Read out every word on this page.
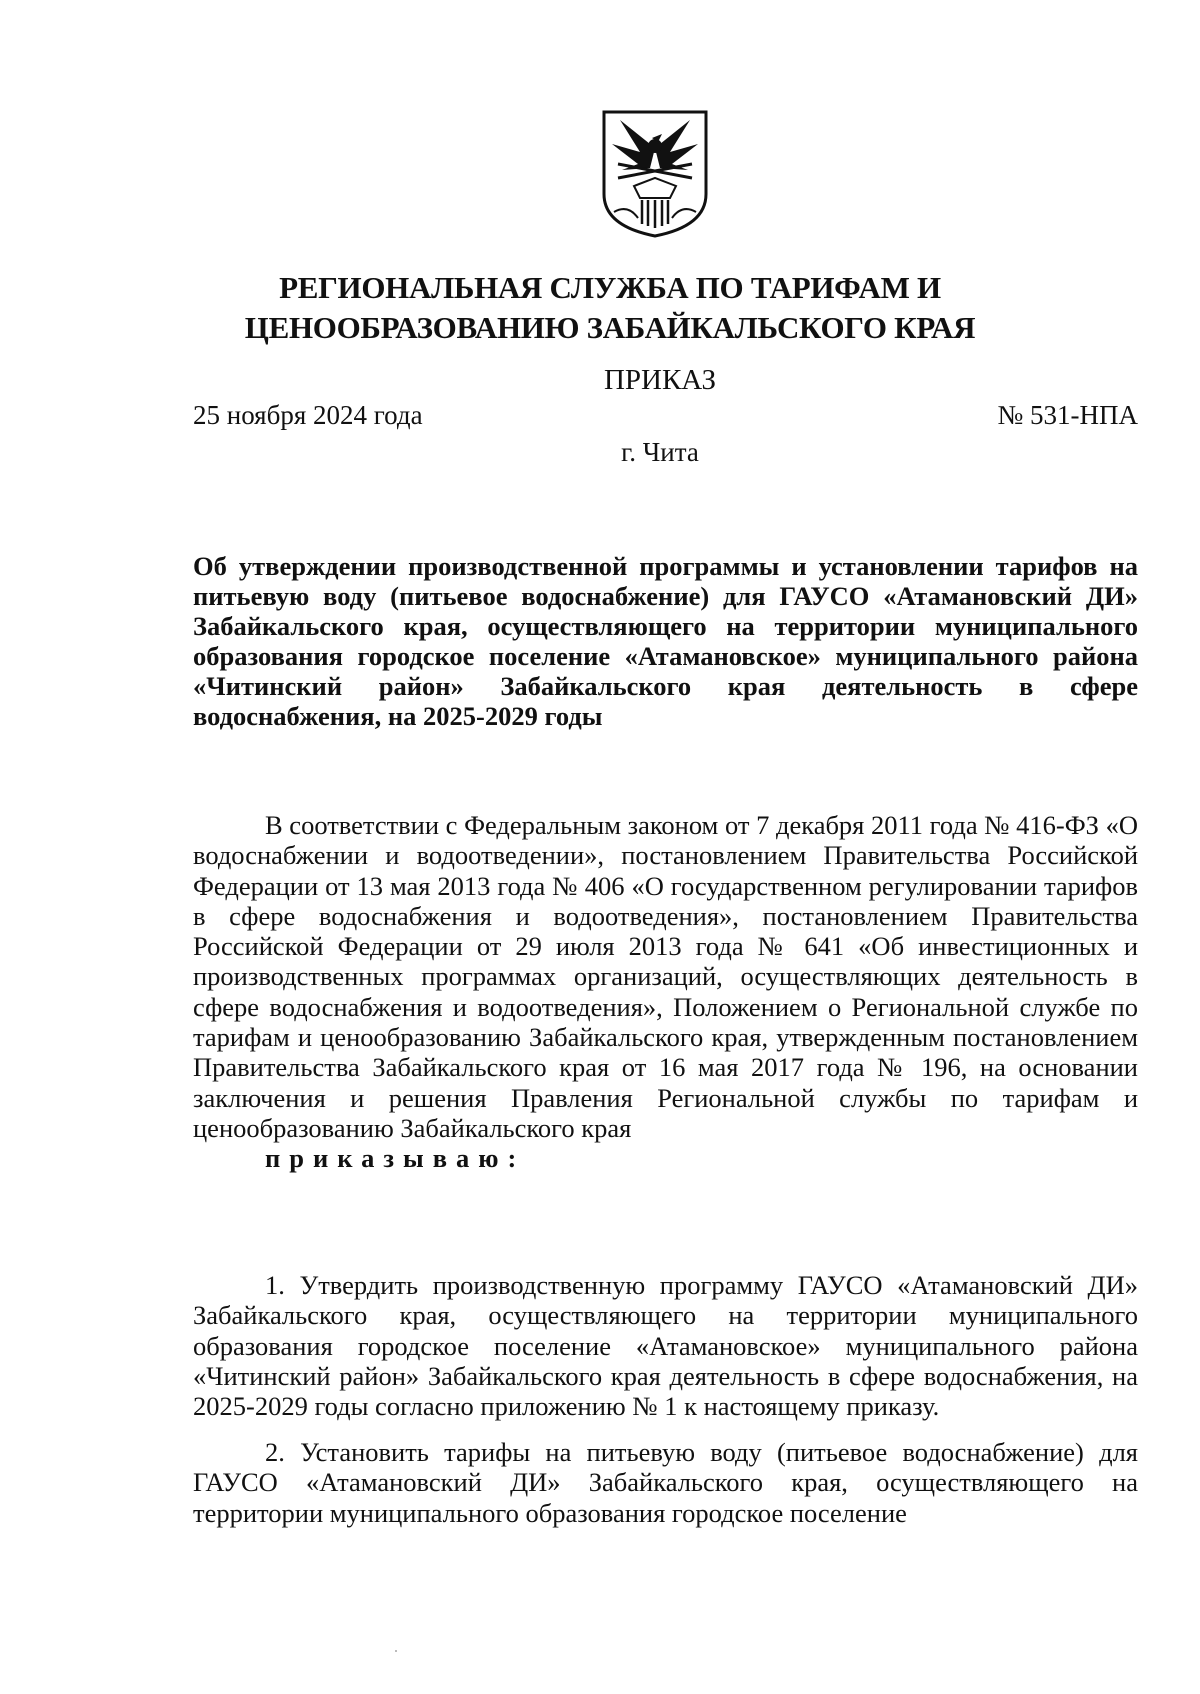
РЕГИОНАЛЬНАЯ СЛУЖБА ПО ТАРИФАМ И
ЦЕНООБРАЗОВАНИЮ ЗАБАЙКАЛЬСКОГО КРАЯ
ПРИКАЗ
25 ноября 2024 года	№ 531-НПА
г. Чита

Об утверждении производственной программы и установлении тарифов на питьевую воду (питьевое водоснабжение) для ГАУСО «Атамановский ДИ» Забайкальского края, осуществляющего на территории муниципального образования городское поселение «Атамановское» муниципального района «Читинский район» Забайкальского края деятельность в сфере водоснабжения, на 2025-2029 годы

В соответствии с Федеральным законом от 7 декабря 2011 года № 416-ФЗ «О водоснабжении и водоотведении», постановлением Правительства Российской Федерации от 13 мая 2013 года № 406 «О государственном регулировании тарифов в сфере водоснабжения и водоотведения», постановлением Правительства Российской Федерации от 29 июля 2013 года № 641 «Об инвестиционных и производственных программах организаций, осуществляющих деятельность в сфере водоснабжения и водоотведения», Положением о Региональной службе по тарифам и ценообразованию Забайкальского края, утвержденным постановлением Правительства Забайкальского края от 16 мая 2017 года № 196, на основании заключения и решения Правления Региональной службы по тарифам и ценообразованию Забайкальского края
приказываю:

1. Утвердить производственную программу ГАУСО «Атамановский ДИ» Забайкальского края, осуществляющего на территории муниципального образования городское поселение «Атамановское» муниципального района «Читинский район» Забайкальского края деятельность в сфере водоснабжения, на 2025-2029 годы согласно приложению № 1 к настоящему приказу.

2. Установить тарифы на питьевую воду (питьевое водоснабжение) для ГАУСО «Атамановский ДИ» Забайкальского края, осуществляющего на территории муниципального образования городское поселение
